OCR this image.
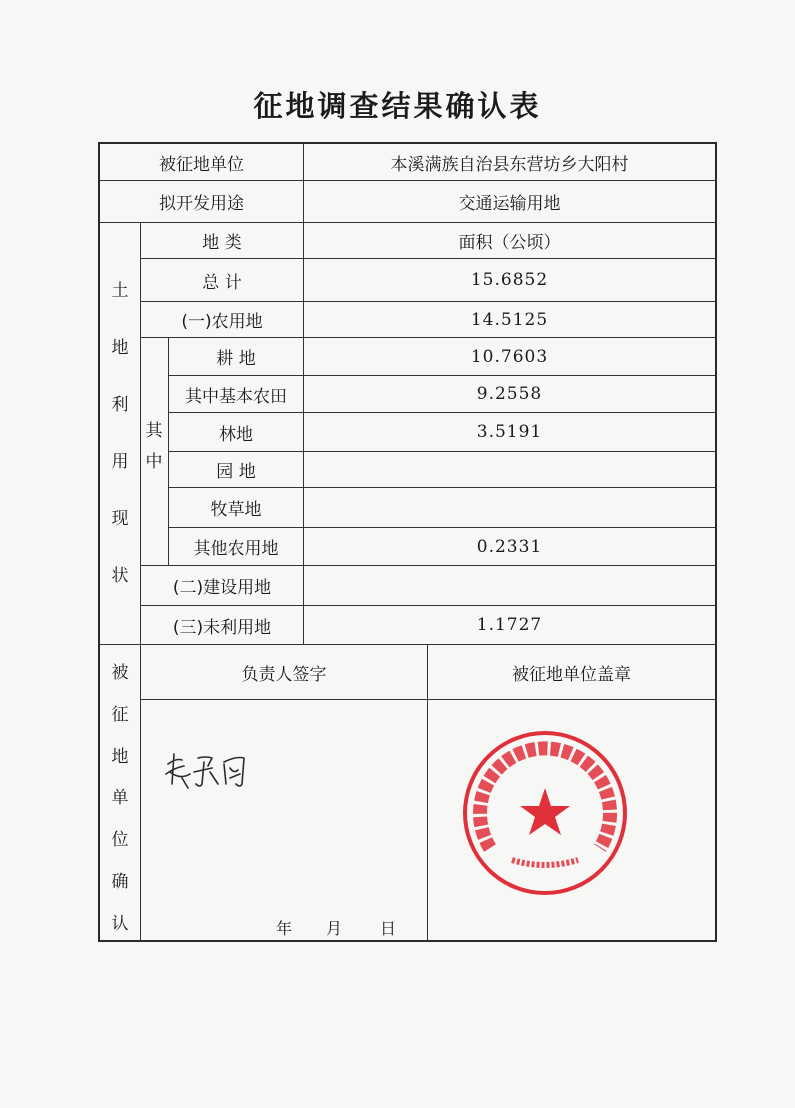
征地调查结果确认表
被征地单位	本溪满族自治县东营坊乡大阳村
拟开发用途	交通运输用地
土
地
利
用
现
状
其
中
地 类	面积（公顷）
总 计	15.6852
(一)农用地	14.5125
耕 地	10.7603
其中基本农田	9.2558
林地	3.5191
园 地
牧草地
其他农用地	0.2331
(二)建设用地
(三)未利用地	1.1727
被
征
地
单
位
确
认
负责人签字	被征地单位盖章
年 月 日
